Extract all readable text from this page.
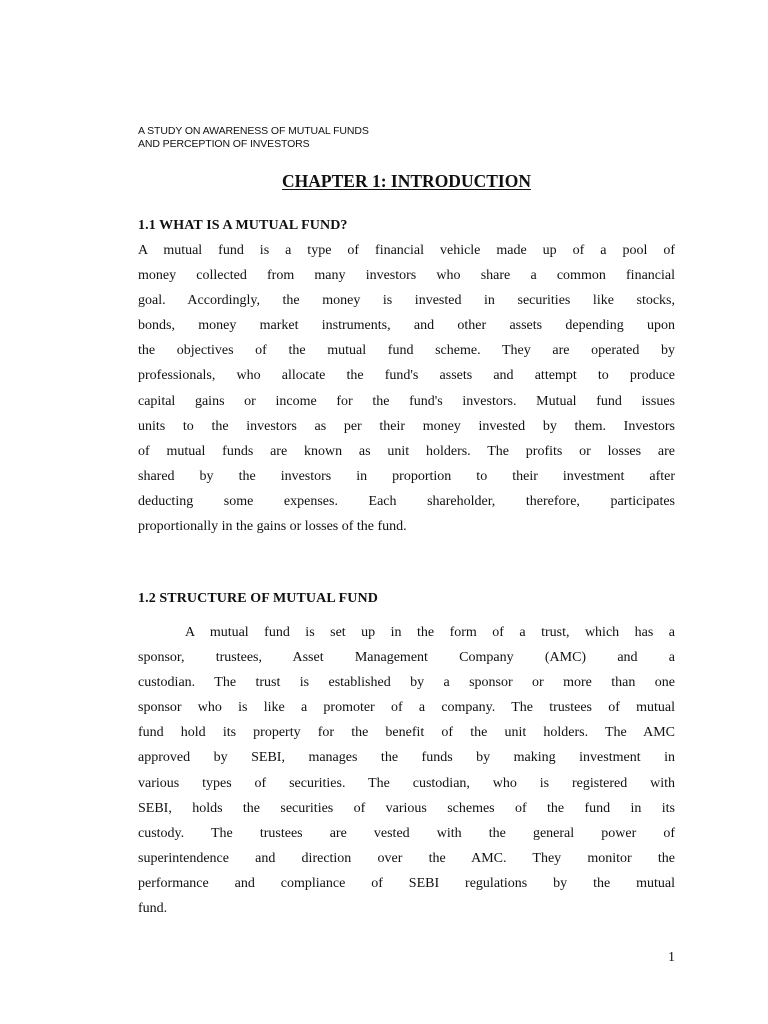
A STUDY ON AWARENESS OF MUTUAL FUNDS
AND PERCEPTION OF INVESTORS
CHAPTER 1: INTRODUCTION
1.1 WHAT IS A MUTUAL FUND?
A mutual fund is a type of financial vehicle made up of a pool of
money collected from many investors who share a common financial
goal. Accordingly, the money is invested in securities like stocks,
bonds, money market instruments, and other assets depending upon
the objectives of the mutual fund scheme. They are operated by
professionals, who allocate the fund's assets and attempt to produce
capital gains or income for the fund's investors. Mutual fund issues
units to the investors as per their money invested by them. Investors
of mutual funds are known as unit holders. The profits or losses are
shared by the investors in proportion to their investment after
deducting some expenses. Each shareholder, therefore, participates
proportionally in the gains or losses of the fund.
1.2 STRUCTURE OF MUTUAL FUND
A mutual fund is set up in the form of a trust, which has a
sponsor, trustees, Asset Management Company (AMC) and a
custodian. The trust is established by a sponsor or more than one
sponsor who is like a promoter of a company. The trustees of mutual
fund hold its property for the benefit of the unit holders. The AMC
approved by SEBI, manages the funds by making investment in
various types of securities. The custodian, who is registered with
SEBI, holds the securities of various schemes of the fund in its
custody. The trustees are vested with the general power of
superintendence and direction over the AMC. They monitor the
performance and compliance of SEBI regulations by the mutual
fund.
1
